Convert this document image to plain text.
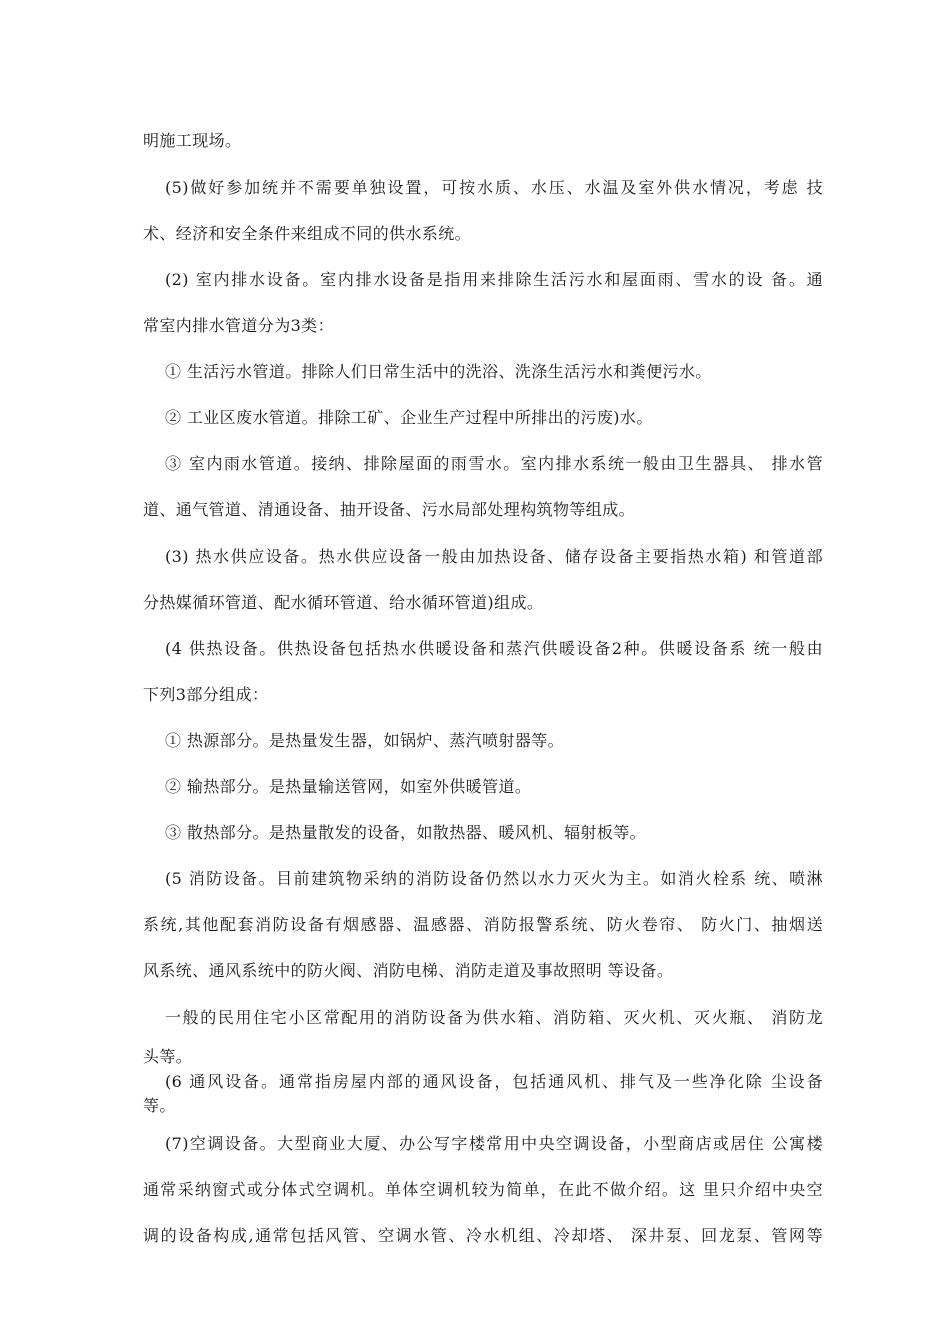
明施工现场。
(5)做好参加统并不需要单独设置，可按水质、水压、水温及室外供水情况，考虑 技
术、经济和安全条件来组成不同的供水系统。
(2) 室内排水设备。室内排水设备是指用来排除生活污水和屋面雨、雪水的设 备。通
常室内排水管道分为3类：
① 生活污水管道。排除人们日常生活中的洗浴、洗涤生活污水和粪便污水。
② 工业区废水管道。排除工矿、企业生产过程中所排出的污废)水。
③ 室内雨水管道。接纳、排除屋面的雨雪水。室内排水系统一般由卫生器具、 排水管
道、通气管道、清通设备、抽开设备、污水局部处理构筑物等组成。
(3) 热水供应设备。热水供应设备一般由加热设备、储存设备主要指热水箱) 和管道部
分热媒循环管道、配水循环管道、给水循环管道)组成。
(4 供热设备。供热设备包括热水供暖设备和蒸汽供暖设备2种。供暖设备系 统一般由
下列3部分组成：
① 热源部分。是热量发生器，如锅炉、蒸汽喷射器等。
② 输热部分。是热量输送管网，如室外供暖管道。
③ 散热部分。是热量散发的设备，如散热器、暖风机、辐射板等。
(5 消防设备。目前建筑物采纳的消防设备仍然以水力灭火为主。如消火栓系 统、喷淋
系统,其他配套消防设备有烟感器、温感器、消防报警系统、防火卷帘、 防火门、抽烟送
风系统、通风系统中的防火阀、消防电梯、消防走道及事故照明 等设备。
一般的民用住宅小区常配用的消防设备为供水箱、消防箱、灭火机、灭火瓶、 消防龙
头等。
(6 通风设备。通常指房屋内部的通风设备，包括通风机、排气及一些净化除 尘设备
等。
(7)空调设备。大型商业大厦、办公写字楼常用中央空调设备，小型商店或居住 公寓楼
通常采纳窗式或分体式空调机。单体空调机较为简单，在此不做介绍。这 里只介绍中央空
调的设备构成,通常包括风管、空调水管、冷水机组、冷却塔、 深井泵、回龙泵、管网等
